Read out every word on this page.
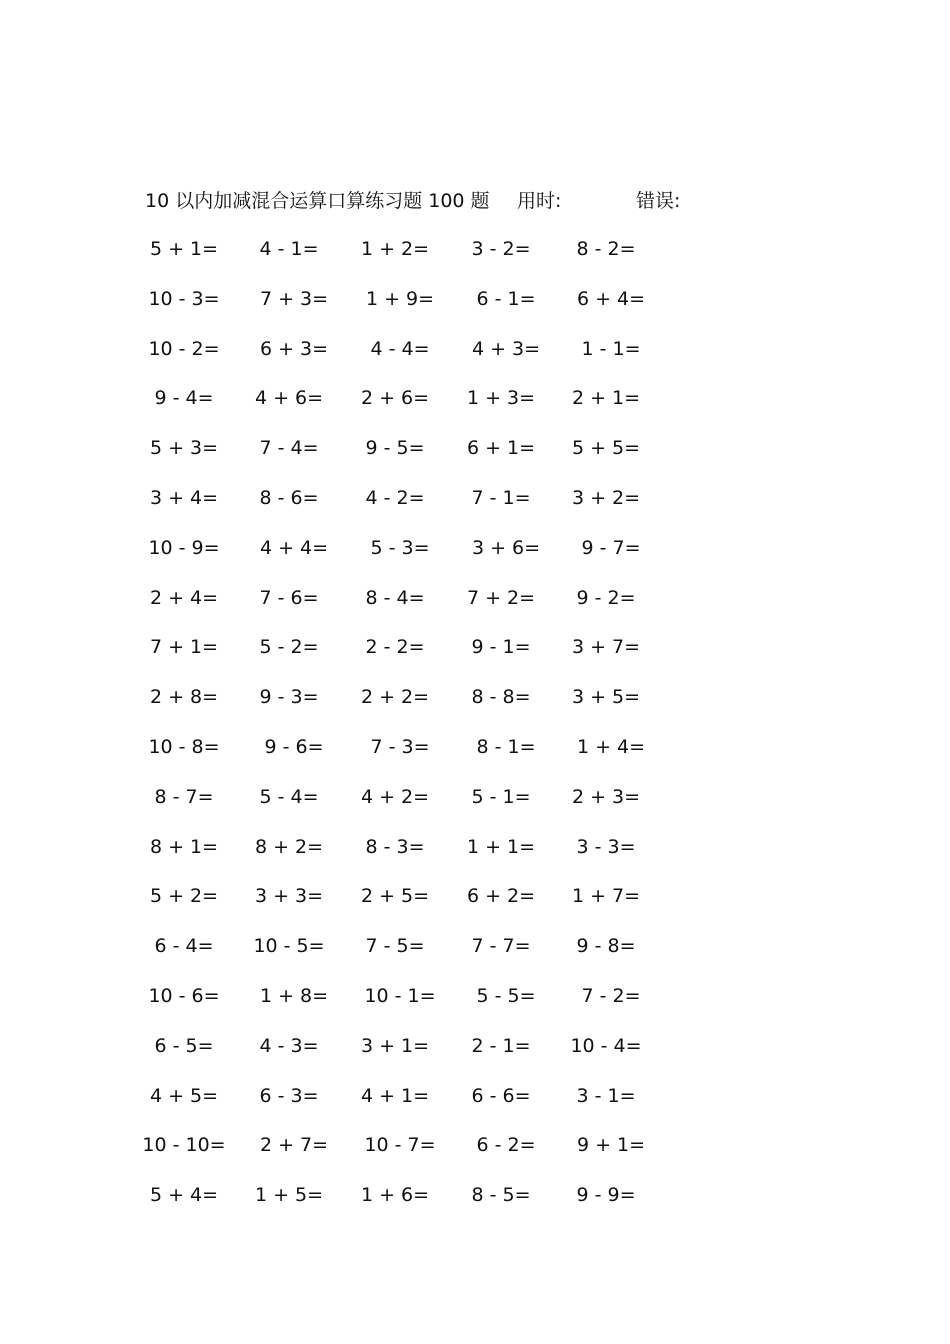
10 以内加减混合运算口算练习题 100 题 用时:	错误:
5 + 1=	4 - 1=	1 + 2=	3 - 2=	8 - 2=
10 - 3=	7 + 3=	1 + 9=	6 - 1=	6 + 4=
10 - 2=	6 + 3=	4 - 4=	4 + 3=	1 - 1=
9 - 4=	4 + 6=	2 + 6=	1 + 3=	2 + 1=
5 + 3=	7 - 4=	9 - 5=	6 + 1=	5 + 5=
3 + 4=	8 - 6=	4 - 2=	7 - 1=	3 + 2=
10 - 9=	4 + 4=	5 - 3=	3 + 6=	9 - 7=
2 + 4=	7 - 6=	8 - 4=	7 + 2=	9 - 2=
7 + 1=	5 - 2=	2 - 2=	9 - 1=	3 + 7=
2 + 8=	9 - 3=	2 + 2=	8 - 8=	3 + 5=
10 - 8=	9 - 6=	7 - 3=	8 - 1=	1 + 4=
8 - 7=	5 - 4=	4 + 2=	5 - 1=	2 + 3=
8 + 1=	8 + 2=	8 - 3=	1 + 1=	3 - 3=
5 + 2=	3 + 3=	2 + 5=	6 + 2=	1 + 7=
6 - 4=	10 - 5=	7 - 5=	7 - 7=	9 - 8=
10 - 6=	1 + 8=	10 - 1=	5 - 5=	7 - 2=
6 - 5=	4 - 3=	3 + 1=	2 - 1=	10 - 4=
4 + 5=	6 - 3=	4 + 1=	6 - 6=	3 - 1=
10 - 10=	2 + 7=	10 - 7=	6 - 2=	9 + 1=
5 + 4=	1 + 5=	1 + 6=	8 - 5=	9 - 9=
